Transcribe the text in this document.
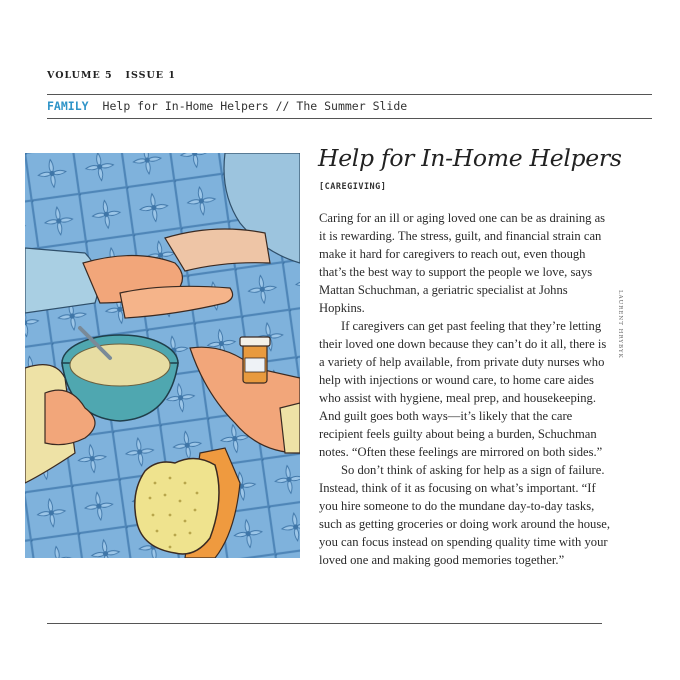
VOLUME 5 ISSUE 1
FAMILY Help for In-Home Helpers // The Summer Slide
Help for In-Home Helpers
[CAREGIVING]

Caring for an ill or aging loved one can be as draining as it is rewarding. The stress, guilt, and financial strain can make it hard for caregivers to reach out, even though that’s the best way to support the people we love, says Mattan Schuchman, a geriatric specialist at Johns Hopkins.

If caregivers can get past feeling that they’re letting their loved one down because they can’t do it all, there is a variety of help available, from private duty nurses who help with injections or wound care, to home care aides who assist with hygiene, meal prep, and housekeeping. And guilt goes both ways—it’s likely that the care recipient feels guilty about being a burden, Schuchman notes. “Often these feelings are mirrored on both sides.”

So don’t think of asking for help as a sign of failure. Instead, think of it as focusing on what’s important. “If you hire someone to do the mundane day-to-day tasks, such as getting groceries or doing work around the house, you can focus instead on spending quality time with your loved one and making good memories together.”

LAURENT HRYBYK
